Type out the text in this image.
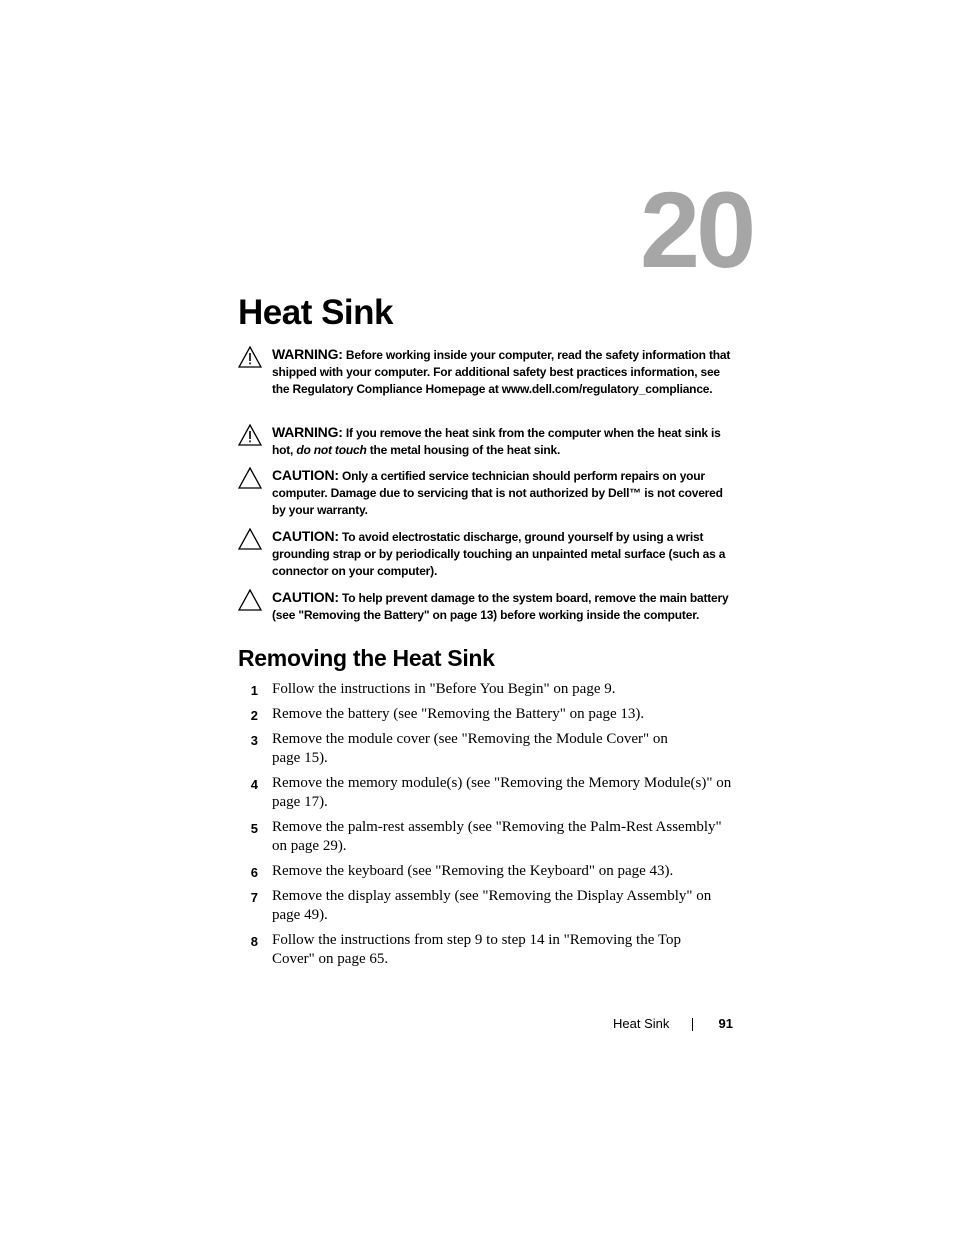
20
Heat Sink
WARNING: Before working inside your computer, read the safety information that shipped with your computer. For additional safety best practices information, see the Regulatory Compliance Homepage at www.dell.com/regulatory_compliance.
WARNING: If you remove the heat sink from the computer when the heat sink is hot, do not touch the metal housing of the heat sink.
CAUTION: Only a certified service technician should perform repairs on your computer. Damage due to servicing that is not authorized by Dell™ is not covered by your warranty.
CAUTION: To avoid electrostatic discharge, ground yourself by using a wrist grounding strap or by periodically touching an unpainted metal surface (such as a connector on your computer).
CAUTION: To help prevent damage to the system board, remove the main battery (see "Removing the Battery" on page 13) before working inside the computer.
Removing the Heat Sink
1 Follow the instructions in "Before You Begin" on page 9.
2 Remove the battery (see "Removing the Battery" on page 13).
3 Remove the module cover (see "Removing the Module Cover" on page 15).
4 Remove the memory module(s) (see "Removing the Memory Module(s)" on page 17).
5 Remove the palm-rest assembly (see "Removing the Palm-Rest Assembly" on page 29).
6 Remove the keyboard (see "Removing the Keyboard" on page 43).
7 Remove the display assembly (see "Removing the Display Assembly" on page 49).
8 Follow the instructions from step 9 to step 14 in "Removing the Top Cover" on page 65.
Heat Sink	91
